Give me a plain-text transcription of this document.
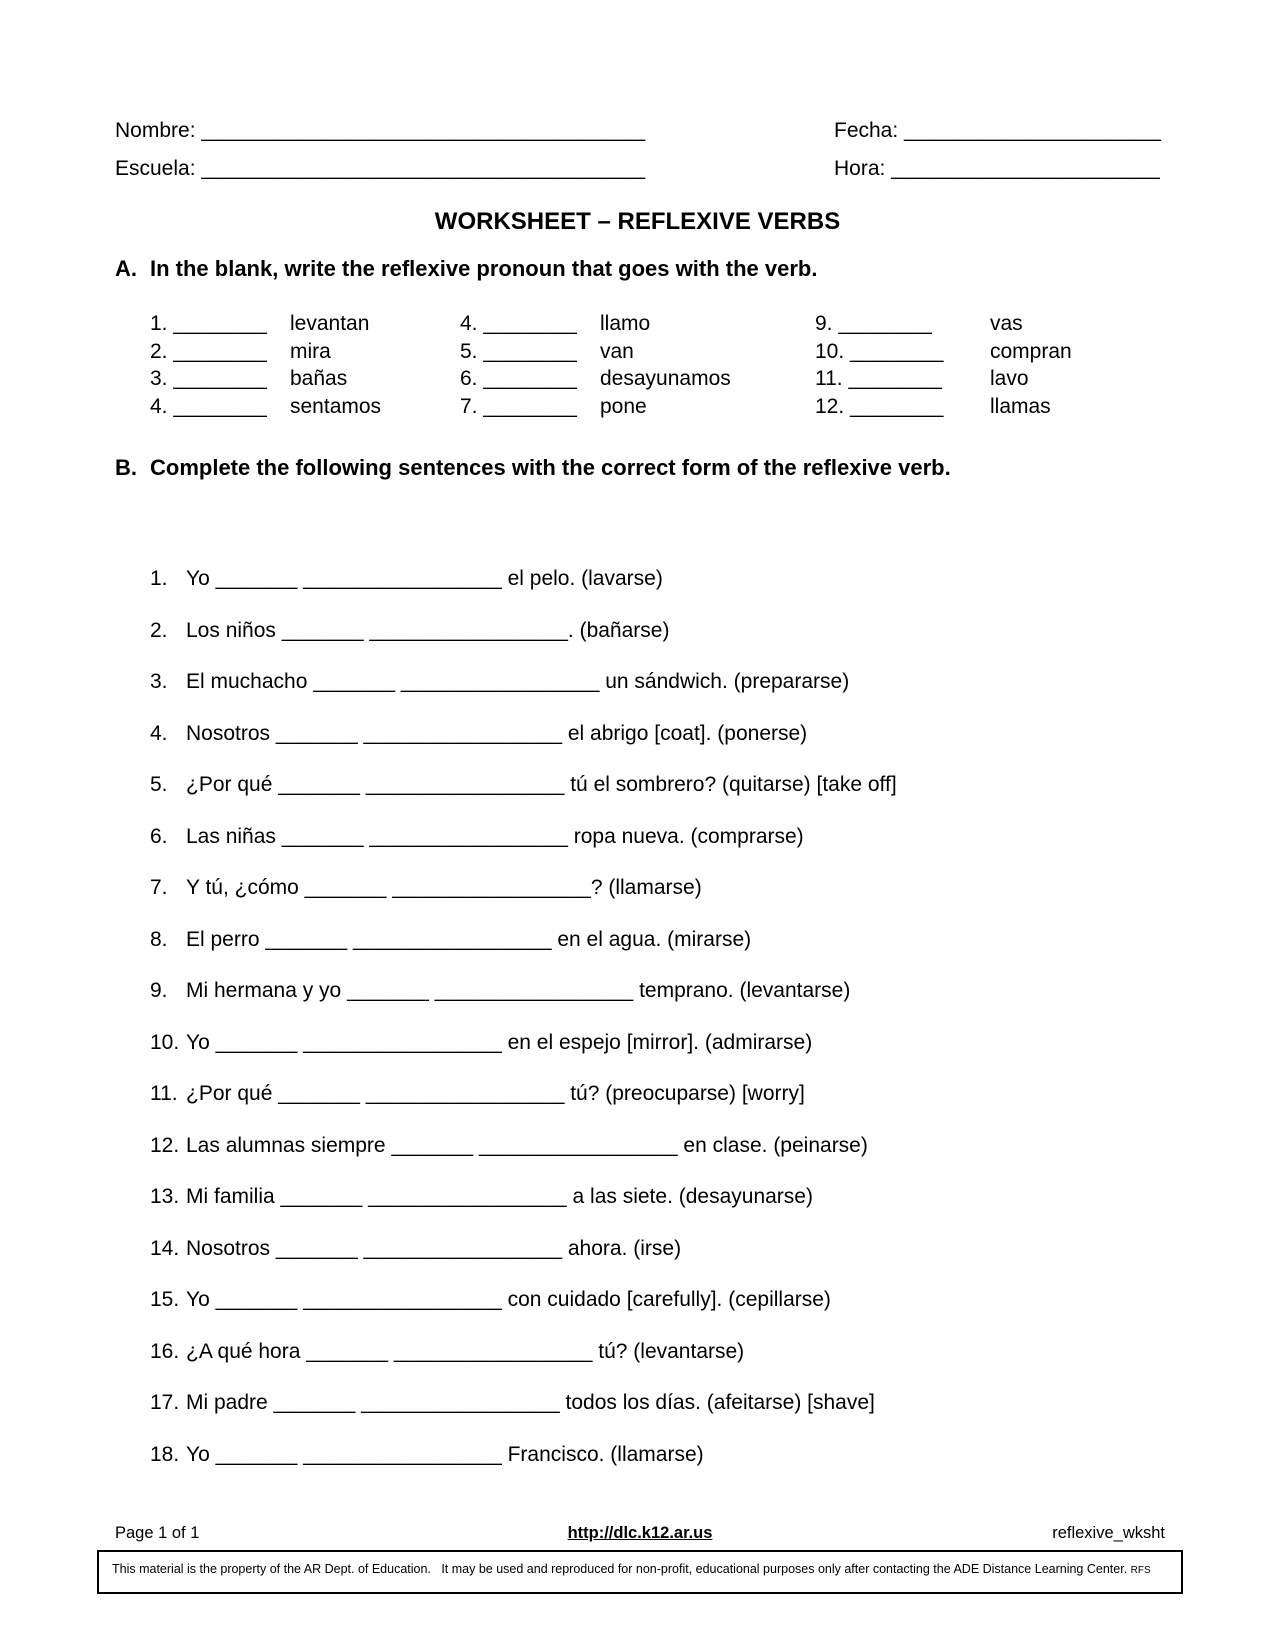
Nombre: ______________________________________	Fecha: ______________________
Escuela: ______________________________________	Hora: _______________________
WORKSHEET – REFLEXIVE VERBS
A. In the blank, write the reflexive pronoun that goes with the verb.
1. ________ levantan	4. ________ llamo	9. ________	vas
2. ________ mira	5. ________ van	10. ________ compran
3. ________ bañas	6. ________ desayunamos	11. ________ lavo
4. ________ sentamos	7. ________ pone	12. ________ llamas
B. Complete the following sentences with the correct form of the reflexive verb.
1. Yo _______ _________________ el pelo. (lavarse)
2. Los niños _______ _________________. (bañarse)
3. El muchacho _______ _________________ un sándwich. (prepararse)
4. Nosotros _______ _________________ el abrigo [coat]. (ponerse)
5. ¿Por qué _______ _________________ tú el sombrero? (quitarse) [take off]
6. Las niñas _______ _________________ ropa nueva. (comprarse)
7. Y tú, ¿cómo _______ _________________? (llamarse)
8. El perro _______ _________________ en el agua. (mirarse)
9. Mi hermana y yo _______ _________________ temprano. (levantarse)
10. Yo _______ _________________ en el espejo [mirror]. (admirarse)
11. ¿Por qué _______ _________________ tú? (preocuparse) [worry]
12. Las alumnas siempre _______ _________________ en clase. (peinarse)
13. Mi familia _______ _________________ a las siete. (desayunarse)
14. Nosotros _______ _________________ ahora. (irse)
15. Yo _______ _________________ con cuidado [carefully]. (cepillarse)
16. ¿A qué hora _______ _________________ tú? (levantarse)
17. Mi padre _______ _________________ todos los días. (afeitarse) [shave]
18. Yo _______ _________________ Francisco. (llamarse)
Page 1 of 1	http://dlc.k12.ar.us	reflexive_wksht
This material is the property of the AR Dept. of Education.   It may be used and reproduced for non-profit, educational purposes only after contacting the ADE Distance Learning Center. RFS
